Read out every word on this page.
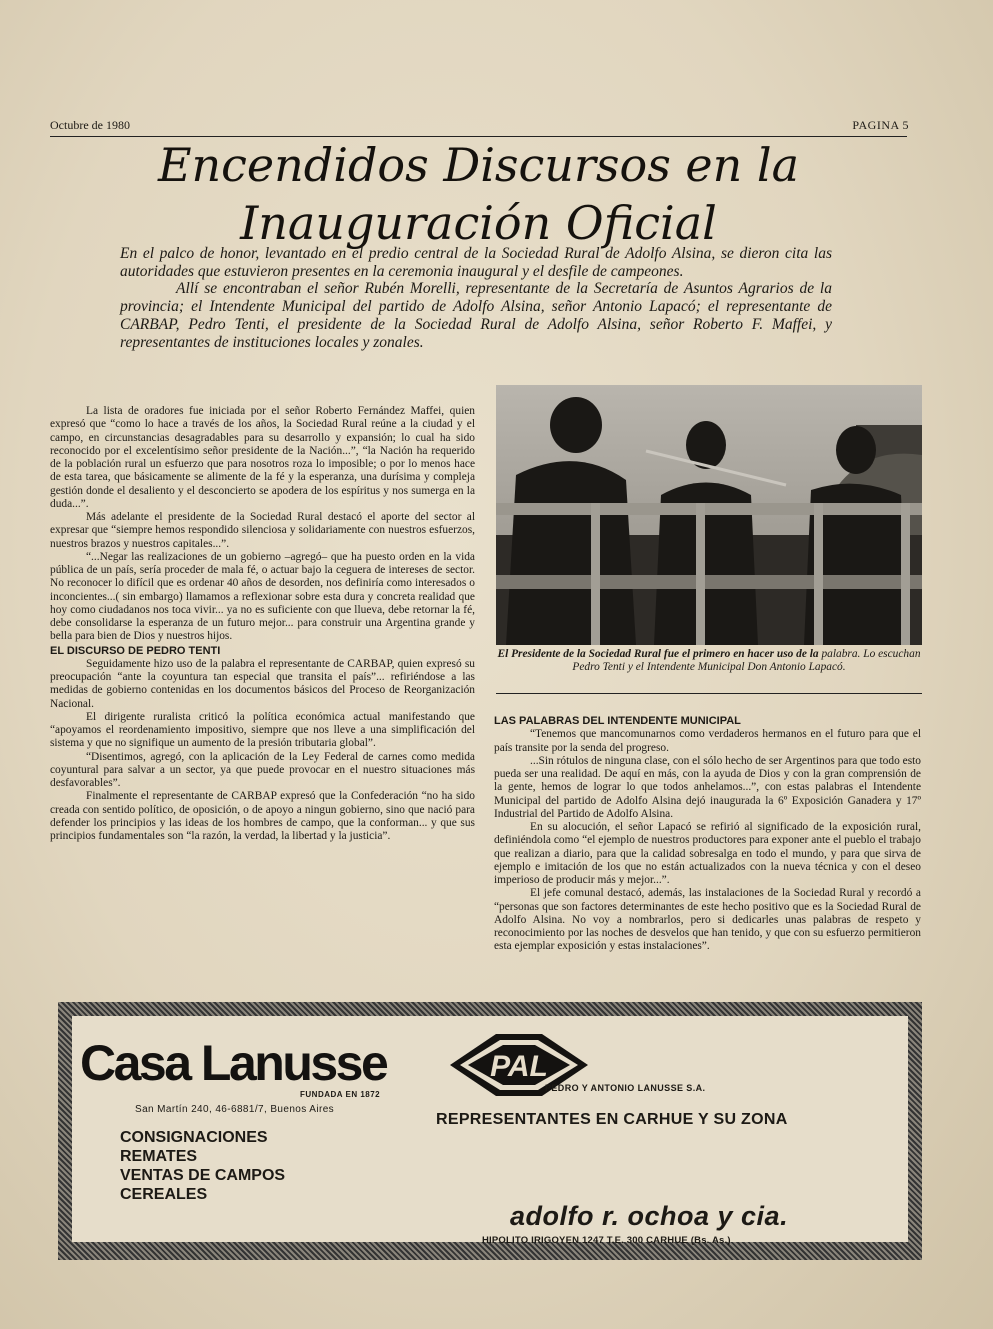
Octubre de 1980	PAGINA 5
Encendidos Discursos en la
Inauguración Oficial

En el palco de honor, levantado en el predio central de la Sociedad Rural de Adolfo Alsina, se dieron cita las autoridades que estuvieron presentes en la ceremonia inaugural y el desfile de campeones.

Allí se encontraban el señor Rubén Morelli, representante de la Secretaría de Asuntos Agrarios de la provincia; el Intendente Municipal del partido de Adolfo Alsina, señor Antonio Lapacó; el representante de CARBAP, Pedro Tenti, el presidente de la Sociedad Rural de Adolfo Alsina, señor Roberto F. Maffei, y representantes de instituciones locales y zonales.

La lista de oradores fue iniciada por el señor Roberto Fernández Maffei, quien expresó que “como lo hace a través de los años, la Sociedad Rural reúne a la ciudad y el campo, en circunstancias desagradables para su desarrollo y expansión; lo cual ha sido reconocido por el excelentísimo señor presidente de la Nación...”, “la Nación ha requerido de la población rural un esfuerzo que para nosotros roza lo imposible; o por lo menos hace de esta tarea, que básicamente se alimente de la fé y la esperanza, una durísima y compleja gestión donde el desaliento y el desconcierto se apodera de los espíritus y nos sumerga en la duda...”.

Más adelante el presidente de la Sociedad Rural destacó el aporte del sector al expresar que “siempre hemos respondido silenciosa y solidariamente con nuestros esfuerzos, nuestros brazos y nuestros capitales...”.

“...Negar las realizaciones de un gobierno –agregó– que ha puesto orden en la vida pública de un país, sería proceder de mala fé, o actuar bajo la ceguera de intereses de sector. No reconocer lo difícil que es ordenar 40 años de desorden, nos definiría como interesados o inconcientes...( sin embargo) llamamos a reflexionar sobre esta dura y concreta realidad que hoy como ciudadanos nos toca vivir... ya no es suficiente con que llueva, debe retornar la fé, debe consolidarse la esperanza de un futuro mejor... para construir una Argentina grande y bella para bien de Dios y nuestros hijos.

EL DISCURSO DE PEDRO TENTI

Seguidamente hizo uso de la palabra el representante de CARBAP, quien expresó su preocupación “ante la coyuntura tan especial que transita el país”... refiriéndose a las medidas de gobierno contenidas en los documentos básicos del Proceso de Reorganización Nacional.

El dirigente ruralista criticó la política económica actual manifestando que “apoyamos el reordenamiento impositivo, siempre que nos lleve a una simplificación del sistema y que no signifique un aumento de la presión tributaria global”.

“Disentimos, agregó, con la aplicación de la Ley Federal de carnes como medida coyuntural para salvar a un sector, ya que puede provocar en el nuestro situaciones más desfavorables”.

Finalmente el representante de CARBAP expresó que la Confederación “no ha sido creada con sentido político, de oposición, o de apoyo a ningun gobierno, sino que nació para defender los principios y las ideas de los hombres de campo, que la conforman... y que sus principios fundamentales son “la razón, la verdad, la libertad y la justicia”.

El Presidente de la Sociedad Rural fue el primero en hacer uso de la palabra. Lo escuchan Pedro Tenti y el Intendente Municipal Don Antonio Lapacó.

LAS PALABRAS DEL INTENDENTE MUNICIPAL

“Tenemos que mancomunarnos como verdaderos hermanos en el futuro para que el país transite por la senda del progreso.

...Sin rótulos de ninguna clase, con el sólo hecho de ser Argentinos para que todo esto pueda ser una realidad. De aquí en más, con la ayuda de Dios y con la gran comprensión de la gente, hemos de lograr lo que todos anhelamos...”, con estas palabras el Intendente Municipal del partido de Adolfo Alsina dejó inaugurada la 6º Exposición Ganadera y 17º Industrial del Partido de Adolfo Alsina.

En su alocución, el señor Lapacó se refirió al significado de la exposición rural, definiéndola como “el ejemplo de nuestros productores para exponer ante el pueblo el trabajo que realizan a diario, para que la calidad sobresalga en todo el mundo, y para que sirva de ejemplo e imitación de los que no están actualizados con la nueva técnica y con el deseo imperioso de producir más y mejor...”.

El jefe comunal destacó, además, las instalaciones de la Sociedad Rural y recordó a “personas que son factores determinantes de este hecho positivo que es la Sociedad Rural de Adolfo Alsina. No voy a nombrarlos, pero si dedicarles unas palabras de respeto y reconocimiento por las noches de desvelos que han tenido, y que con su esfuerzo permitieron esta ejemplar exposición y estas instalaciones”.

Casa Lanusse
FUNDADA EN 1872
San Martín 240, 46-6881/7, Buenos Aires
CONSIGNACIONES
REMATES
VENTAS DE CAMPOS
CEREALES
PAL
PEDRO Y ANTONIO LANUSSE S.A.
REPRESENTANTES EN CARHUE Y SU ZONA
adolfo r. ochoa y cia.
HIPOLITO IRIGOYEN 1247 T.E. 300 CARHUE (Bs. As.)
